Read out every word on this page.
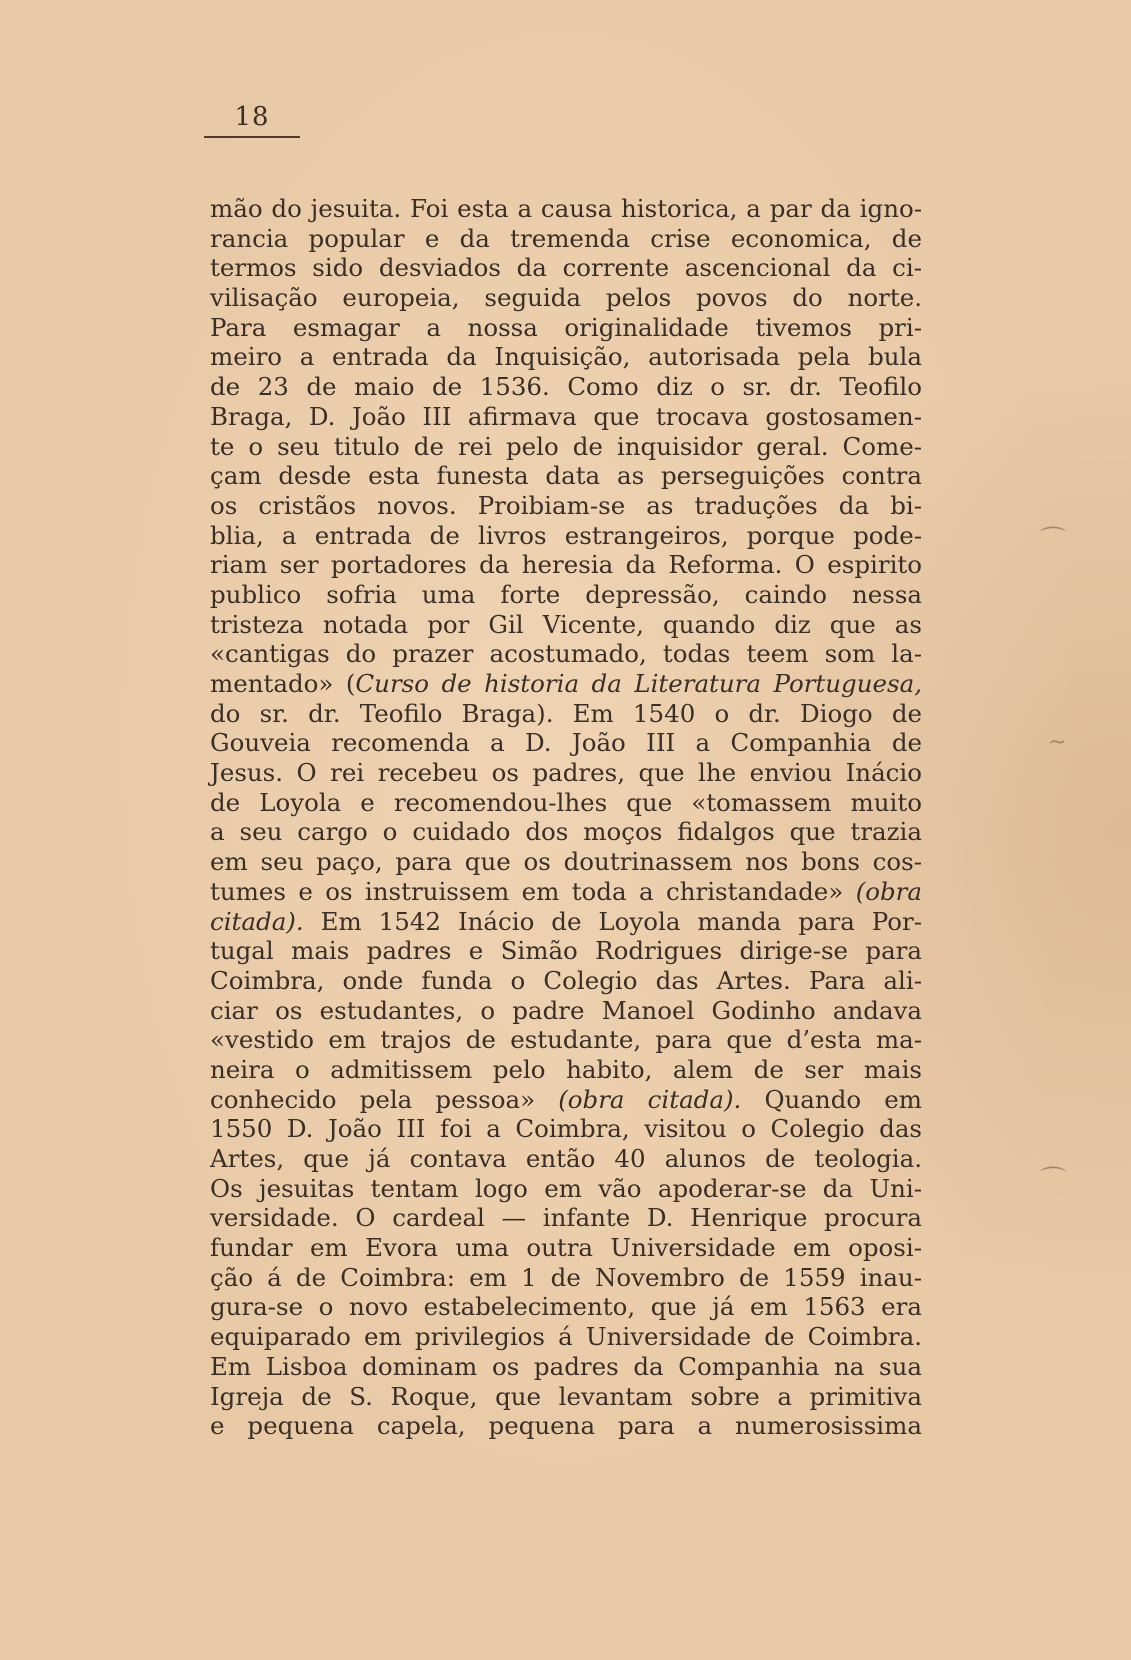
18
mão do jesuita. Foi esta a causa historica, a par da igno-
rancia popular e da tremenda crise economica, de
termos sido desviados da corrente ascencional da ci-
vilisação europeia, seguida pelos povos do norte.
Para esmagar a nossa originalidade tivemos pri-
meiro a entrada da Inquisição, autorisada pela bula
de 23 de maio de 1536. Como diz o sr. dr. Teofilo
Braga, D. João III afirmava que trocava gostosamen-
te o seu titulo de rei pelo de inquisidor geral. Come-
çam desde esta funesta data as perseguições contra
os cristãos novos. Proibiam-se as traduções da bi-
blia, a entrada de livros estrangeiros, porque pode-
riam ser portadores da heresia da Reforma. O espirito
publico sofria uma forte depressão, caindo nessa
tristeza notada por Gil Vicente, quando diz que as
«cantigas do prazer acostumado, todas teem som la-
mentado» (Curso de historia da Literatura Portuguesa,
do sr. dr. Teofilo Braga). Em 1540 o dr. Diogo de
Gouveia recomenda a D. João III a Companhia de
Jesus. O rei recebeu os padres, que lhe enviou Inácio
de Loyola e recomendou-lhes que «tomassem muito
a seu cargo o cuidado dos moços fidalgos que trazia
em seu paço, para que os doutrinassem nos bons cos-
tumes e os instruissem em toda a christandade» (obra
citada). Em 1542 Inácio de Loyola manda para Por-
tugal mais padres e Simão Rodrigues dirige-se para
Coimbra, onde funda o Colegio das Artes. Para ali-
ciar os estudantes, o padre Manoel Godinho andava
«vestido em trajos de estudante, para que d’esta ma-
neira o admitissem pelo habito, alem de ser mais
conhecido pela pessoa» (obra citada). Quando em
1550 D. João III foi a Coimbra, visitou o Colegio das
Artes, que já contava então 40 alunos de teologia.
Os jesuitas tentam logo em vão apoderar-se da Uni-
versidade. O cardeal — infante D. Henrique procura
fundar em Evora uma outra Universidade em oposi-
ção á de Coimbra: em 1 de Novembro de 1559 inau-
gura-se o novo estabelecimento, que já em 1563 era
equiparado em privilegios á Universidade de Coimbra.
Em Lisboa dominam os padres da Companhia na sua
Igreja de S. Roque, que levantam sobre a primitiva
e pequena capela, pequena para a numerosissima
⌒
~
⌒
